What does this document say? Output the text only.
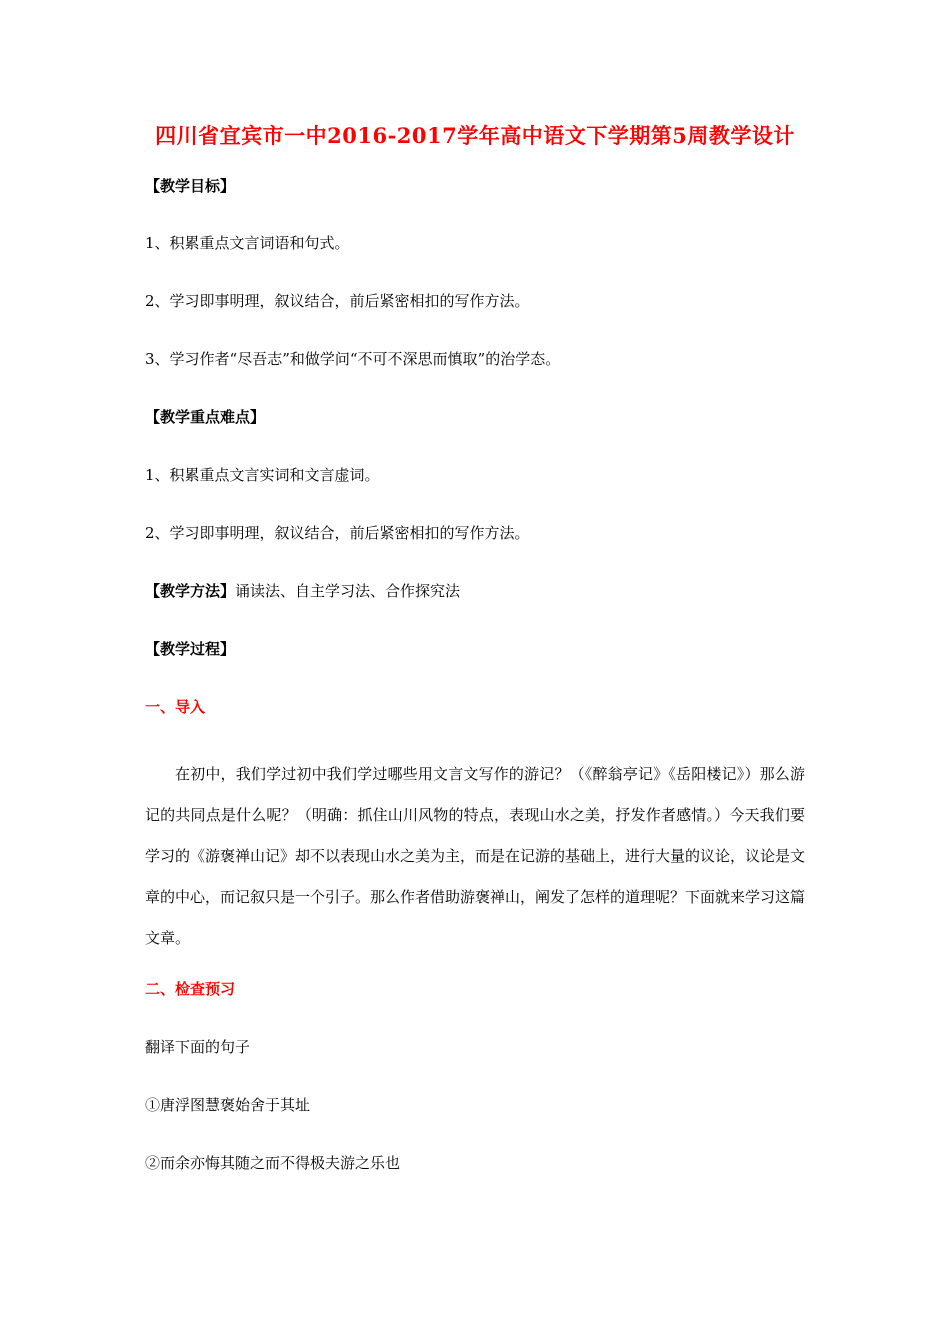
四川省宜宾市一中2016-2017学年高中语文下学期第5周教学设计
【教学目标】
1、积累重点文言词语和句式。
2、学习即事明理，叙议结合，前后紧密相扣的写作方法。
3、学习作者“尽吾志”和做学问“不可不深思而慎取”的治学态。
【教学重点难点】
1、积累重点文言实词和文言虚词。
2、学习即事明理，叙议结合，前后紧密相扣的写作方法。
【教学方法】诵读法、自主学习法、合作探究法
【教学过程】
一、导入
在初中，我们学过初中我们学过哪些用文言文写作的游记？（《醉翁亭记》《岳阳楼记》）那么游记的共同点是什么呢？（明确：抓住山川风物的特点，表现山水之美，抒发作者感情。）今天我们要学习的《游褒禅山记》却不以表现山水之美为主，而是在记游的基础上，进行大量的议论，议论是文章的中心，而记叙只是一个引子。那么作者借助游褒禅山，阐发了怎样的道理呢？下面就来学习这篇文章。
二、检查预习
翻译下面的句子
①唐浮图慧褒始舍于其址
②而余亦悔其随之而不得极夫游之乐也
